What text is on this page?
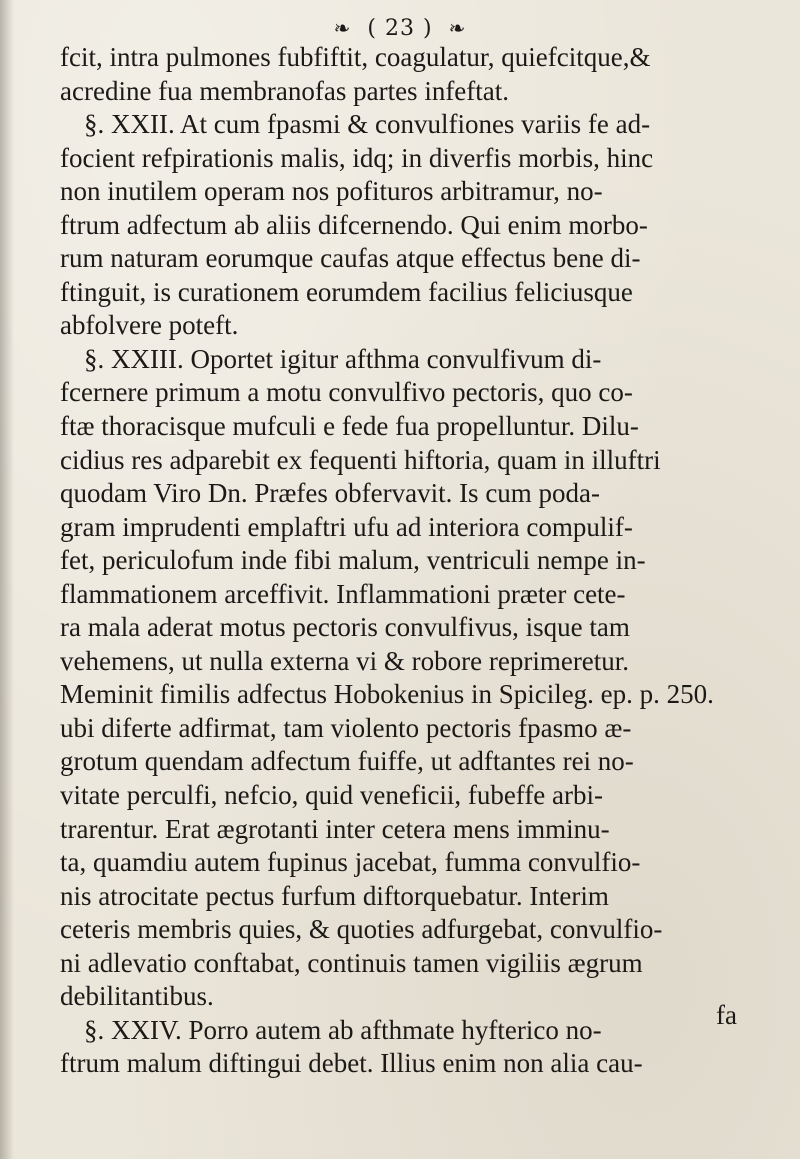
❧ ( 23 ) ❧
fcit, intra pulmones fubfiftit, coagulatur, quiefcitque,&
acredine fua membranofas partes infeftat.
§. XXII. At cum fpasmi & convulfiones variis fe ad-
focient refpirationis malis, idq; in diverfis morbis, hinc
non inutilem operam nos pofituros arbitramur, no-
ftrum adfectum ab aliis difcernendo. Qui enim morbo-
rum naturam eorumque caufas atque effectus bene di-
ftinguit, is curationem eorumdem facilius feliciusque
abfolvere poteft.
§. XXIII. Oportet igitur afthma convulfivum di-
fcernere primum a motu convulfivo pectoris, quo co-
ftæ thoracisque mufculi e fede fua propelluntur. Dilu-
cidius res adparebit ex fequenti hiftoria, quam in illuftri
quodam Viro Dn. Præfes obfervavit. Is cum poda-
gram imprudenti emplaftri ufu ad interiora compulif-
fet, periculofum inde fibi malum, ventriculi nempe in-
flammationem arceffivit. Inflammationi præter cete-
ra mala aderat motus pectoris convulfivus, isque tam
vehemens, ut nulla externa vi & robore reprimeretur.
Meminit fimilis adfectus Hobokenius in Spicileg. ep. p. 250.
ubi diferte adfirmat, tam violento pectoris fpasmo æ-
grotum quendam adfectum fuiffe, ut adftantes rei no-
vitate perculfi, nefcio, quid veneficii, fubeffe arbi-
trarentur. Erat ægrotanti inter cetera mens imminu-
ta, quamdiu autem fupinus jacebat, fumma convulfio-
nis atrocitate pectus furfum diftorquebatur. Interim
ceteris membris quies, & quoties adfurgebat, convulfio-
ni adlevatio conftabat, continuis tamen vigiliis ægrum
debilitantibus.
§. XXIV. Porro autem ab afthmate hyfterico no-
ftrum malum diftingui debet. Illius enim non alia cau-
fa
